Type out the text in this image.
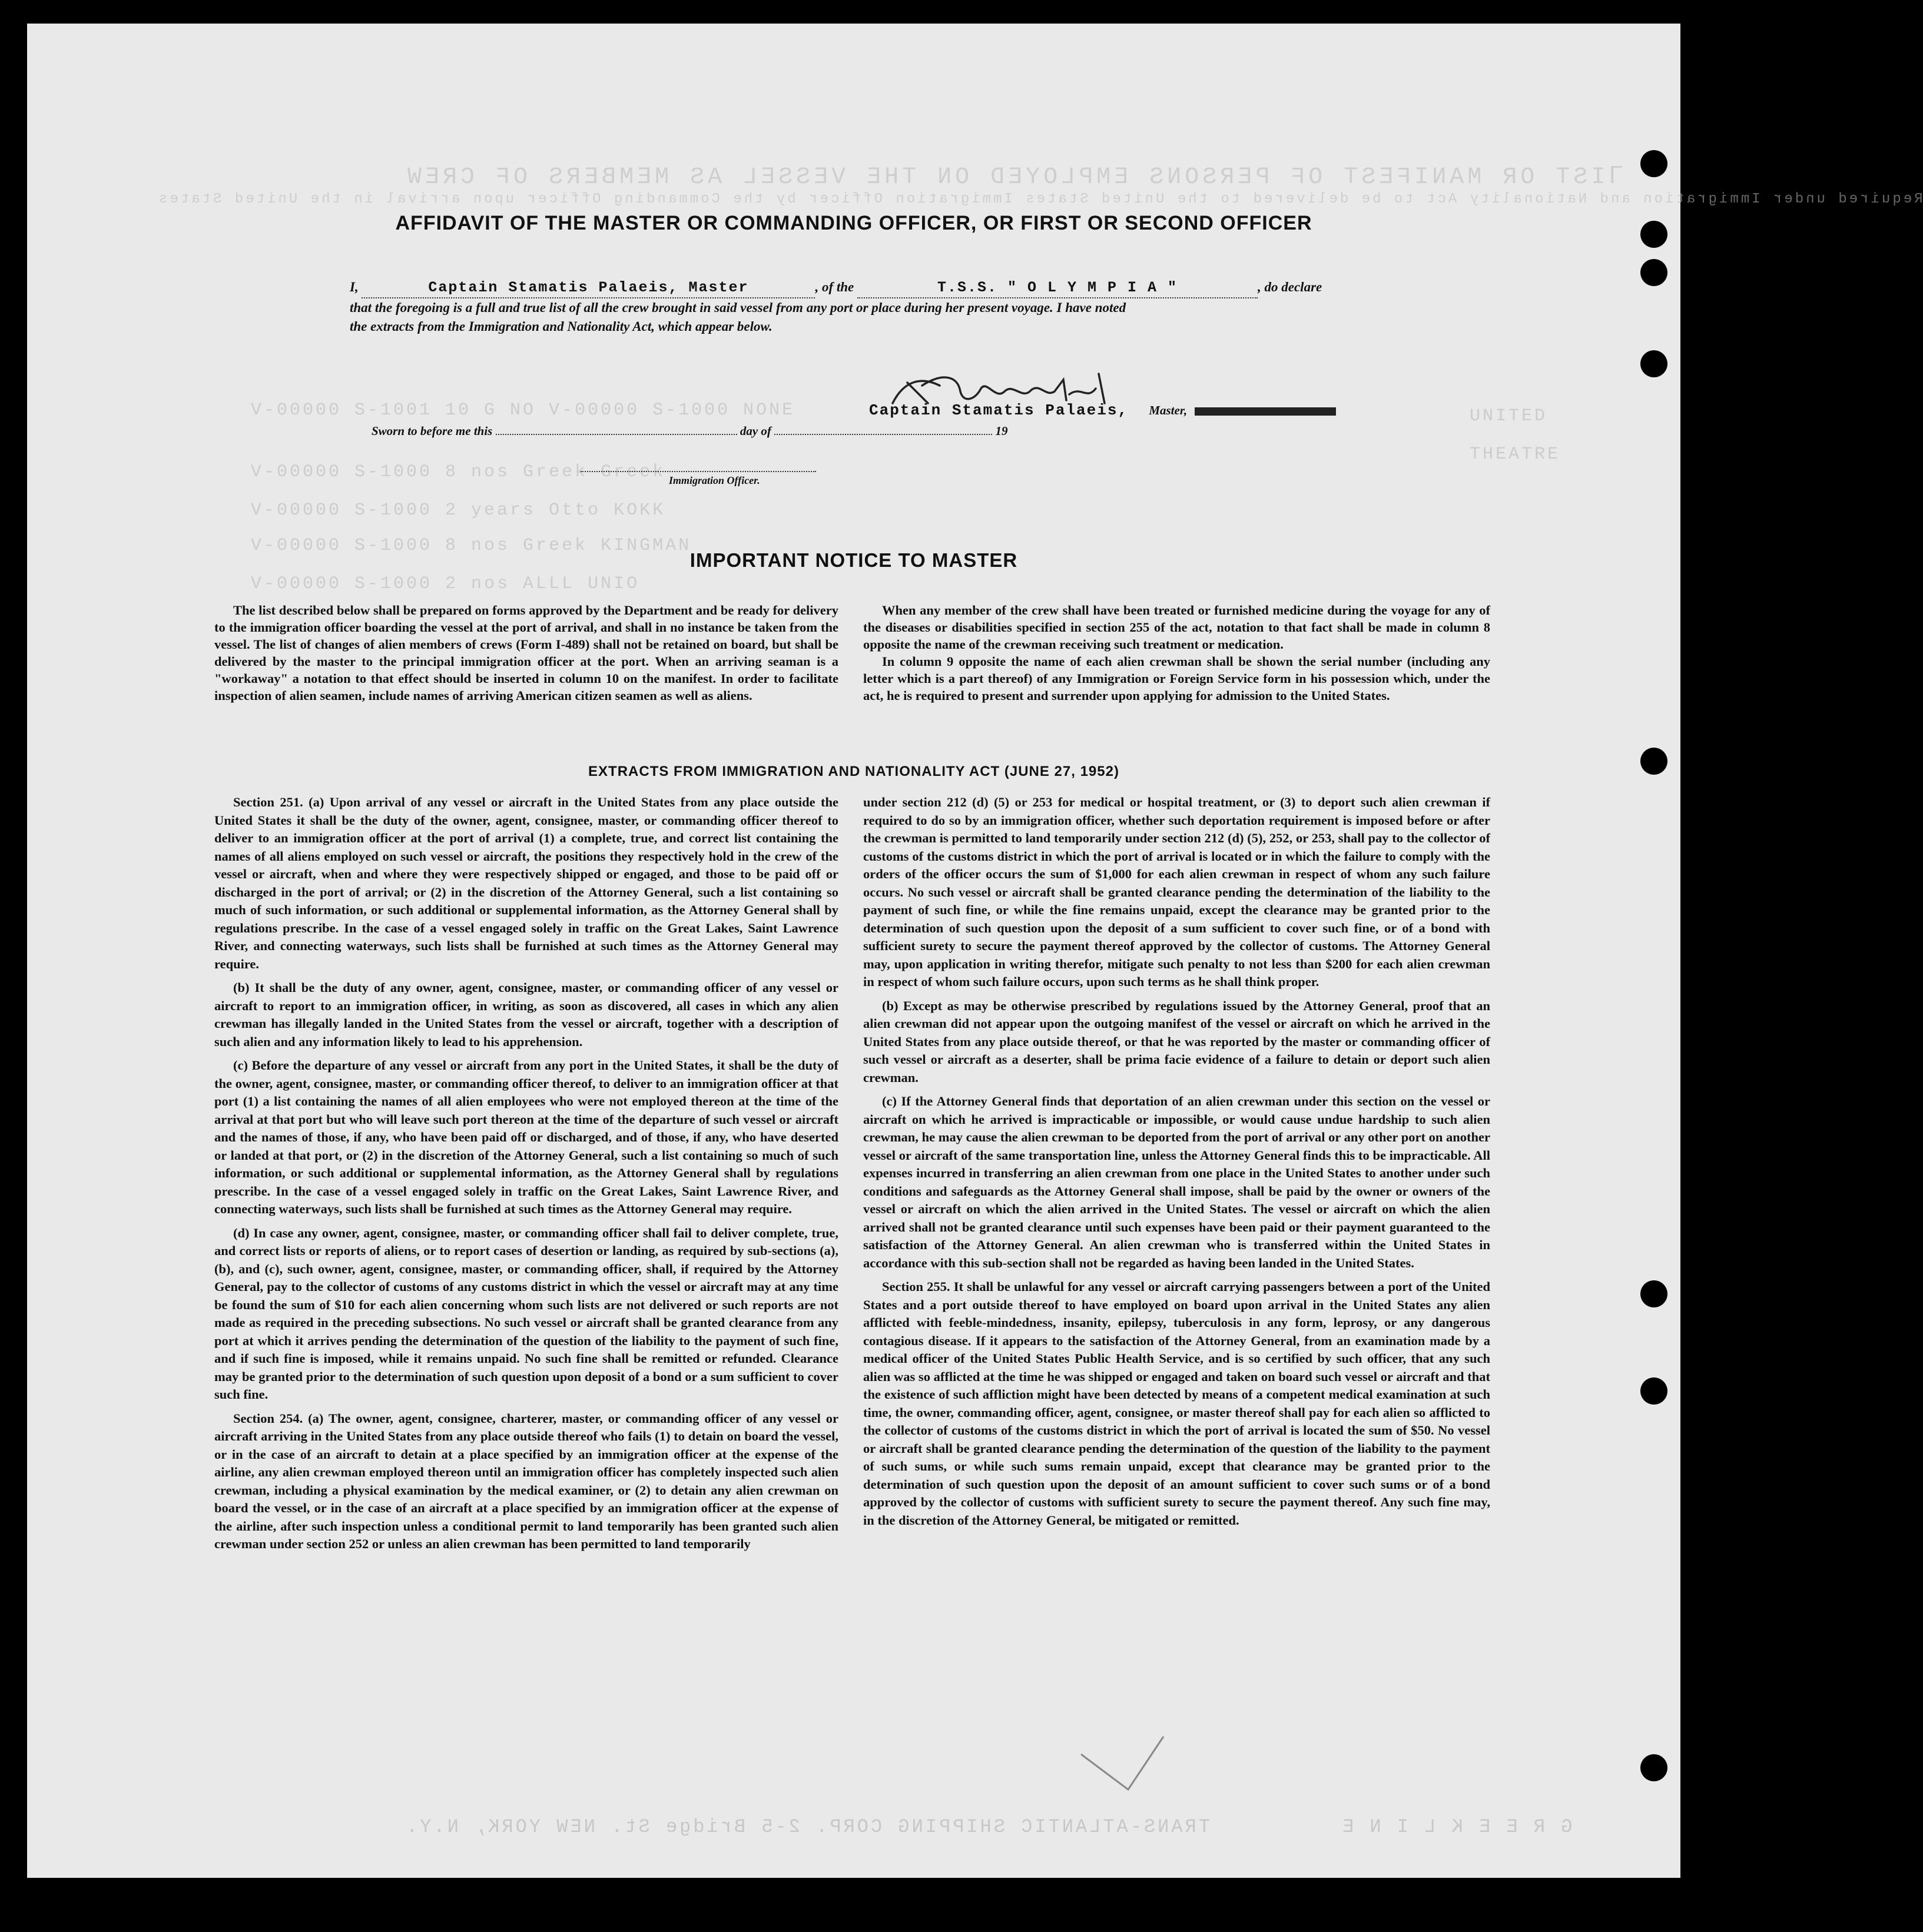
ꓶIST OR MANIFEST OF PERSONS EMPLOYED ON THE VESSEL AS MEMBERS OF CREW
Required under Immigration and Nationality Act to be delivered to the United States Immigration Officer by the Commanding Officer upon arrival in the United States
V-00000 S-1001 10 G NO V-00000 S-1000 NONE
V-00000 S-1000 8 nos Greek Greek
V-00000 S-1000 2 years Otto KOKK
V-00000 S-1000 8 nos Greek KINGMAN
V-00000 S-1000 2 nos ALLL UNIO
UNITED
THEATRE
AFFIDAVIT OF THE MASTER OR COMMANDING OFFICER, OR FIRST OR SECOND OFFICER
I,	Captain Stamatis Palaeis, Master	, of the	T.S.S. " O L Y M P I A "	, do declare
that the foregoing is a full and true list of all the crew brought in said vessel from any port or place during her present voyage. I have noted
the extracts from the Immigration and Nationality Act, which appear below.
Captain Stamatis Palaeis, Master,
Sworn to before me this	day of	19
Immigration Officer.
IMPORTANT NOTICE TO MASTER

The list described below shall be prepared on forms approved by the Department and be ready for delivery to the immigration officer boarding the vessel at the port of arrival, and shall in no instance be taken from the vessel. The list of changes of alien members of crews (Form I-489) shall not be retained on board, but shall be delivered by the master to the principal immigration officer at the port. When an arriving seaman is a "workaway" a notation to that effect should be inserted in column 10 on the manifest. In order to facilitate inspection of alien seamen, include names of arriving American citizen seamen as well as aliens.

When any member of the crew shall have been treated or furnished medicine during the voyage for any of the diseases or disabilities specified in section 255 of the act, notation to that fact shall be made in column 8 opposite the name of the crewman receiving such treatment or medication.

In column 9 opposite the name of each alien crewman shall be shown the serial number (including any letter which is a part thereof) of any Immigration or Foreign Service form in his possession which, under the act, he is required to present and surrender upon applying for admission to the United States.

EXTRACTS FROM IMMIGRATION AND NATIONALITY ACT (JUNE 27, 1952)

Section 251. (a) Upon arrival of any vessel or aircraft in the United States from any place outside the United States it shall be the duty of the owner, agent, consignee, master, or commanding officer thereof to deliver to an immigration officer at the port of arrival (1) a complete, true, and correct list containing the names of all aliens employed on such vessel or aircraft, the positions they respectively hold in the crew of the vessel or aircraft, when and where they were respectively shipped or engaged, and those to be paid off or discharged in the port of arrival; or (2) in the discretion of the Attorney General, such a list containing so much of such information, or such additional or supplemental information, as the Attorney General shall by regulations prescribe. In the case of a vessel engaged solely in traffic on the Great Lakes, Saint Lawrence River, and connecting waterways, such lists shall be furnished at such times as the Attorney General may require.

(b) It shall be the duty of any owner, agent, consignee, master, or commanding officer of any vessel or aircraft to report to an immigration officer, in writing, as soon as discovered, all cases in which any alien crewman has illegally landed in the United States from the vessel or aircraft, together with a description of such alien and any information likely to lead to his apprehension.

(c) Before the departure of any vessel or aircraft from any port in the United States, it shall be the duty of the owner, agent, consignee, master, or commanding officer thereof, to deliver to an immigration officer at that port (1) a list containing the names of all alien employees who were not employed thereon at the time of the arrival at that port but who will leave such port thereon at the time of the departure of such vessel or aircraft and the names of those, if any, who have been paid off or discharged, and of those, if any, who have deserted or landed at that port, or (2) in the discretion of the Attorney General, such a list containing so much of such information, or such additional or supplemental information, as the Attorney General shall by regulations prescribe. In the case of a vessel engaged solely in traffic on the Great Lakes, Saint Lawrence River, and connecting waterways, such lists shall be furnished at such times as the Attorney General may require.

(d) In case any owner, agent, consignee, master, or commanding officer shall fail to deliver complete, true, and correct lists or reports of aliens, or to report cases of desertion or landing, as required by sub-sections (a), (b), and (c), such owner, agent, consignee, master, or commanding officer, shall, if required by the Attorney General, pay to the collector of customs of any customs district in which the vessel or aircraft may at any time be found the sum of $10 for each alien concerning whom such lists are not delivered or such reports are not made as required in the preceding subsections. No such vessel or aircraft shall be granted clearance from any port at which it arrives pending the determination of the question of the liability to the payment of such fine, and if such fine is imposed, while it remains unpaid. No such fine shall be remitted or refunded. Clearance may be granted prior to the determination of such question upon deposit of a bond or a sum sufficient to cover such fine.

Section 254. (a) The owner, agent, consignee, charterer, master, or commanding officer of any vessel or aircraft arriving in the United States from any place outside thereof who fails (1) to detain on board the vessel, or in the case of an aircraft to detain at a place specified by an immigration officer at the expense of the airline, any alien crewman employed thereon until an immigration officer has completely inspected such alien crewman, including a physical examination by the medical examiner, or (2) to detain any alien crewman on board the vessel, or in the case of an aircraft at a place specified by an immigration officer at the expense of the airline, after such inspection unless a conditional permit to land temporarily has been granted such alien crewman under section 252 or unless an alien crewman has been permitted to land temporarily

under section 212 (d) (5) or 253 for medical or hospital treatment, or (3) to deport such alien crewman if required to do so by an immigration officer, whether such deportation requirement is imposed before or after the crewman is permitted to land temporarily under section 212 (d) (5), 252, or 253, shall pay to the collector of customs of the customs district in which the port of arrival is located or in which the failure to comply with the orders of the officer occurs the sum of $1,000 for each alien crewman in respect of whom any such failure occurs. No such vessel or aircraft shall be granted clearance pending the determination of the liability to the payment of such fine, or while the fine remains unpaid, except the clearance may be granted prior to the determination of such question upon the deposit of a sum sufficient to cover such fine, or of a bond with sufficient surety to secure the payment thereof approved by the collector of customs. The Attorney General may, upon application in writing therefor, mitigate such penalty to not less than $200 for each alien crewman in respect of whom such failure occurs, upon such terms as he shall think proper.

(b) Except as may be otherwise prescribed by regulations issued by the Attorney General, proof that an alien crewman did not appear upon the outgoing manifest of the vessel or aircraft on which he arrived in the United States from any place outside thereof, or that he was reported by the master or commanding officer of such vessel or aircraft as a deserter, shall be prima facie evidence of a failure to detain or deport such alien crewman.

(c) If the Attorney General finds that deportation of an alien crewman under this section on the vessel or aircraft on which he arrived is impracticable or impossible, or would cause undue hardship to such alien crewman, he may cause the alien crewman to be deported from the port of arrival or any other port on another vessel or aircraft of the same transportation line, unless the Attorney General finds this to be impracticable. All expenses incurred in transferring an alien crewman from one place in the United States to another under such conditions and safeguards as the Attorney General shall impose, shall be paid by the owner or owners of the vessel or aircraft on which the alien arrived in the United States. The vessel or aircraft on which the alien arrived shall not be granted clearance until such expenses have been paid or their payment guaranteed to the satisfaction of the Attorney General. An alien crewman who is transferred within the United States in accordance with this sub-section shall not be regarded as having been landed in the United States.

Section 255. It shall be unlawful for any vessel or aircraft carrying passengers between a port of the United States and a port outside thereof to have employed on board upon arrival in the United States any alien afflicted with feeble-mindedness, insanity, epilepsy, tuberculosis in any form, leprosy, or any dangerous contagious disease. If it appears to the satisfaction of the Attorney General, from an examination made by a medical officer of the United States Public Health Service, and is so certified by such officer, that any such alien was so afflicted at the time he was shipped or engaged and taken on board such vessel or aircraft and that the existence of such affliction might have been detected by means of a competent medical examination at such time, the owner, commanding officer, agent, consignee, or master thereof shall pay for each alien so afflicted to the collector of customs of the customs district in which the port of arrival is located the sum of $50. No vessel or aircraft shall be granted clearance pending the determination of the question of the liability to the payment of such sums, or while such sums remain unpaid, except that clearance may be granted prior to the determination of such question upon the deposit of an amount sufficient to cover such sums or of a bond approved by the collector of customs with sufficient surety to secure the payment thereof. Any such fine may, in the discretion of the Attorney General, be mitigated or remitted.

TRANS-ATLANTIC SHIPPING CORP. 2-5 Bridge St. NEW YORK, N.Y.	G R E E K L I N E
